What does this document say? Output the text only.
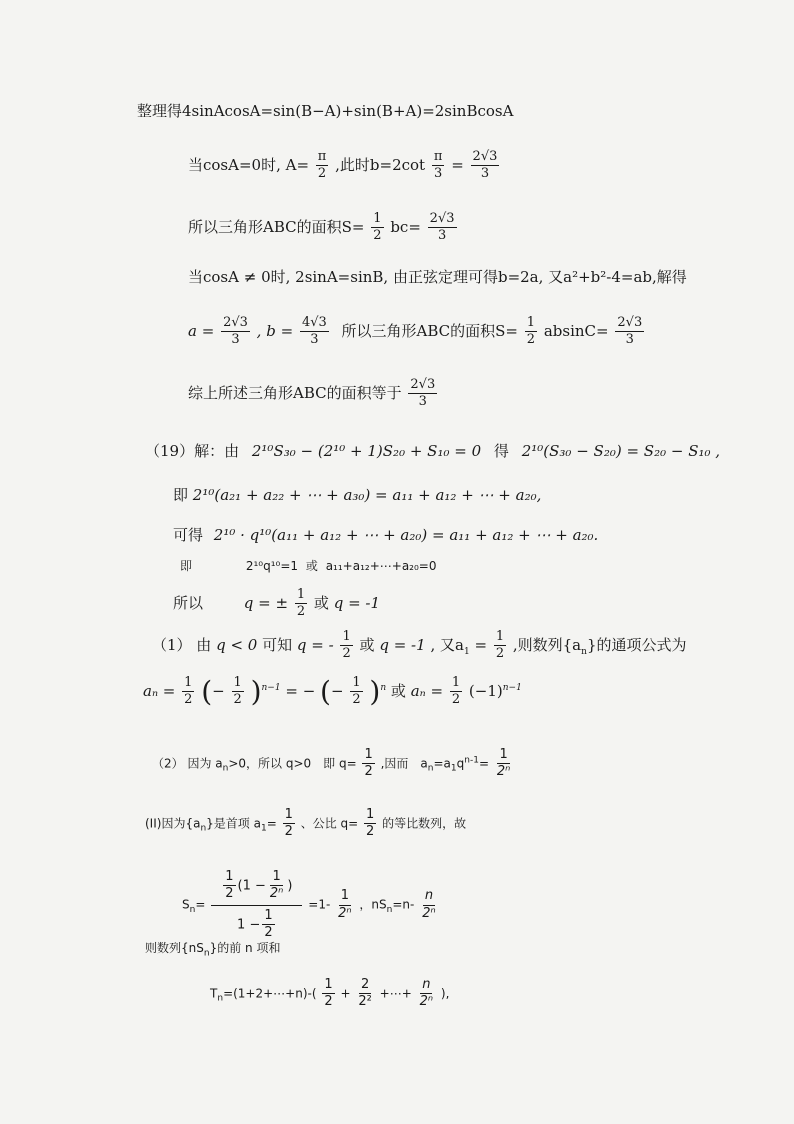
整理得4sinAcosA=sin(B−A)+sin(B+A)=2sinBcosA
当cosA=0时, $A= \frac{\pi}{2}$ ,此时$b=2\cot \frac{\pi}{3} = \frac{2√3}{3}$
所以三角形ABC的面积$S= \frac{1}{2} bc= \frac{2√3}{3}$
当cosA ≠ 0时, 2sinA=sinB, 由正弦定理可得b=2a, 又a²+b²-4=ab,解得
$a = \frac{2√3}{3}$ , $b = \frac{4√3}{3}$ 所以三角形ABC的面积$S= \frac{1}{2} absinC= \frac{2√3}{3}$
综上所述三角形ABC的面积等于 $\frac{2√3}{3}$
（19）解：由 2¹⁰S₃₀ − (2¹⁰ + 1)S₂₀ + S₁₀ = 0 得 2¹⁰(S₃₀ − S₂₀) = S₂₀ − S₁₀ ,
即 2¹⁰(a₂₁ + a₂₂ + ⋯ + a₃₀) = a₁₁ + a₁₂ + ⋯ + a₂₀,
可得 2¹⁰ · q¹⁰(a₁₁ + a₁₂ + ⋯ + a₂₀) = a₁₁ + a₁₂ + ⋯ + a₂₀.
即	2¹⁰q¹⁰=1 或 a₁₁+a₁₂+⋯+a₂₀=0
所以	q = ± $\frac{1}{2}$ 或 q = -1
（1） 由 q < 0 可知 q = - $\frac{1}{2}$ 或 q = -1 , 又$a_1 = \frac{1}{2}$ ,则数列$\{a_n\}$的通项公式为
$a_n = \frac{1}{2}$ (− $\frac{1}{2} )^{n-1}$ = − (− $\frac{1}{2} )^n$ 或 $a_n = \frac{1}{2} (-1)^{n-1}$
（2） 因为 $a_n>0$，所以 q>0　即 $q= \frac{1}{2}$ ,因而　$a_n=a_1q^{n-1}= \frac{1}{\text{2ⁿ}}$
(II)因为$\{a_n\}$是首项 $a_1= \frac{1}{2}$ 、公比 $q= \frac{1}{2}$ 的等比数列，故
$S_n= \frac{\frac{1}{2} (1 - \frac{1}{\text{2ⁿ}} )}{1 - \frac{1}{2}} =1- \frac{1}{\text{2ⁿ}}$ ，$nS_n=n- \frac{n}{\text{2ⁿ}}$
则数列$\{nS_n\}$的前 n 项和
$T_n=(1+2+\cdots+n)-( \frac{1}{2} + \frac{2}{\text{2²}}$ +⋯+ $\frac{n}{\text{2ⁿ}}$ ),
